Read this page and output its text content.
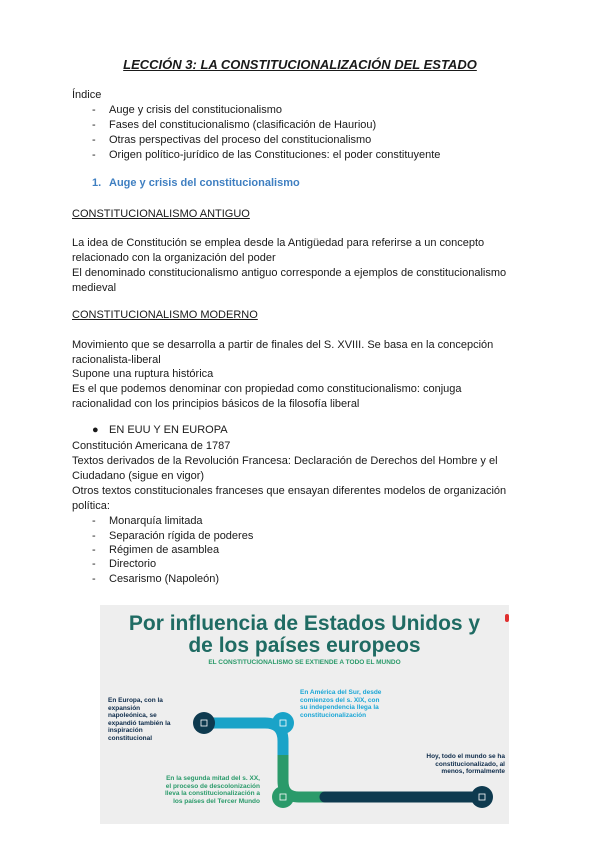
LECCIÓN 3: LA CONSTITUCIONALIZACIÓN DEL ESTADO
Índice
- Auge y crisis del constitucionalismo
- Fases del constitucionalismo (clasificación de Hauriou)
- Otras perspectivas del proceso del constitucionalismo
- Origen político-jurídico de las Constituciones: el poder constituyente
1. Auge y crisis del constitucionalismo
CONSTITUCIONALISMO ANTIGUO
La idea de Constitución se emplea desde la Antigüedad para referirse a un concepto
relacionado con la organización del poder
El denominado constitucionalismo antiguo corresponde a ejemplos de constitucionalismo
medieval
CONSTITUCIONALISMO MODERNO
Movimiento que se desarrolla a partir de finales del S. XVIII. Se basa en la concepción
racionalista-liberal
Supone una ruptura histórica
Es el que podemos denominar con propiedad como constitucionalismo: conjuga
racionalidad con los principios básicos de la filosofía liberal
● EN EUU Y EN EUROPA
Constitución Americana de 1787
Textos derivados de la Revolución Francesa: Declaración de Derechos del Hombre y el
Ciudadano (sigue en vigor)
Otros textos constitucionales franceses que ensayan diferentes modelos de organización
política:
- Monarquía limitada
- Separación rígida de poderes
- Régimen de asamblea
- Directorio
- Cesarismo (Napoleón)
Por influencia de Estados Unidos y
de los países europeos
EL CONSTITUCIONALISMO SE EXTIENDE A TODO EL MUNDO
En Europa, con la
expansión
napoleónica, se
expandió también la
inspiración
constitucional
En América del Sur, desde
comienzos del s. XIX, con
su independencia llega la
constitucionalización
En la segunda mitad del s. XX,
el proceso de descolonización
lleva la constitucionalización a
los países del Tercer Mundo
Hoy, todo el mundo se ha
constitucionalizado, al
menos, formalmente
